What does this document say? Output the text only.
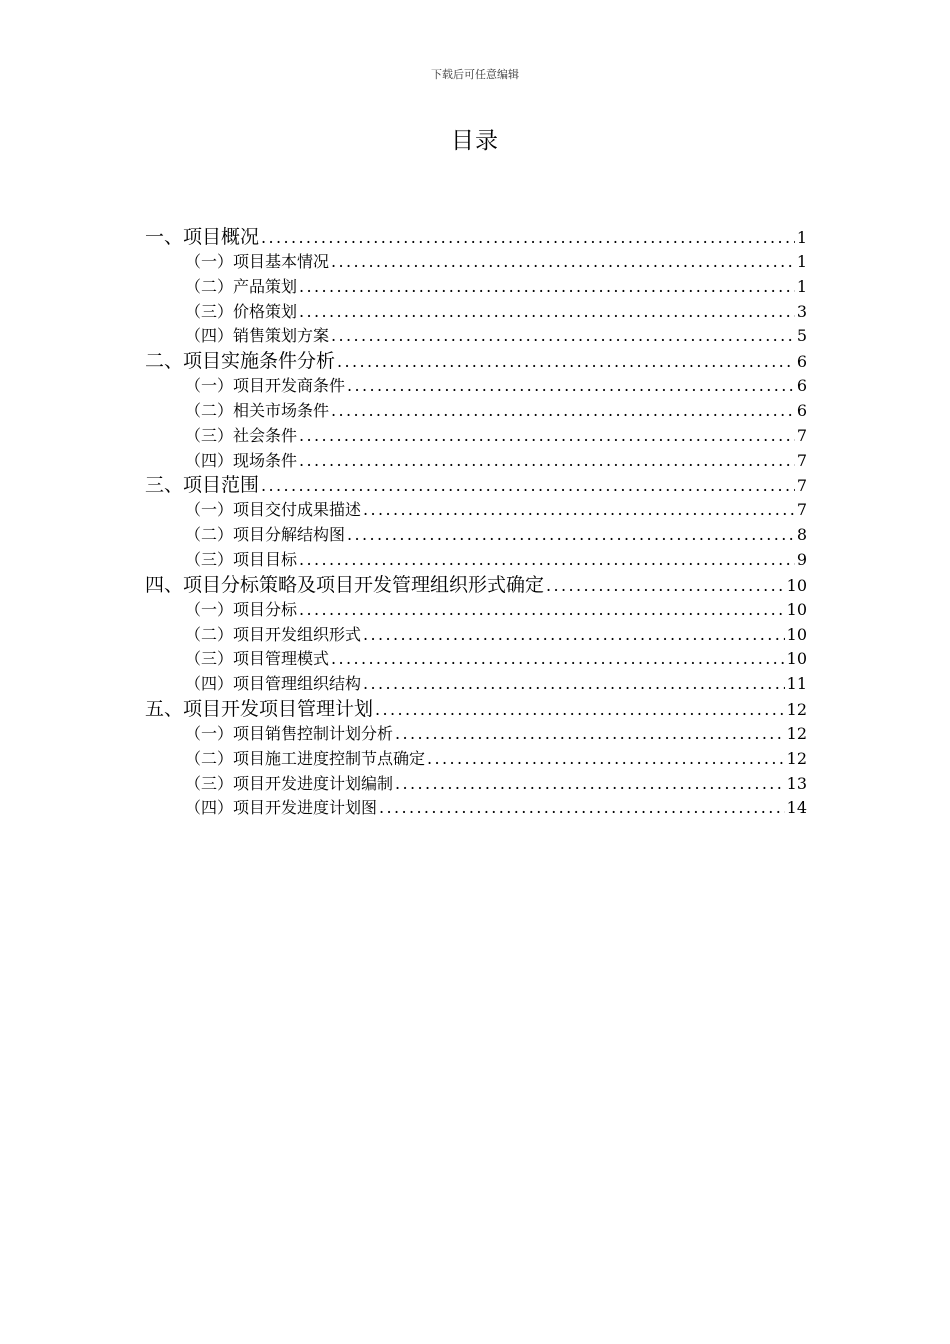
下载后可任意编辑
目录
一、项目概况 .....	1
（一）项目基本情况 .....	1
（二）产品策划 .....	1
（三）价格策划 .....	3
（四）销售策划方案 .....	5
二、项目实施条件分析 .....	6
（一）项目开发商条件 .....	6
（二）相关市场条件 .....	6
（三）社会条件 .....	7
（四）现场条件 .....	7
三、项目范围 .....	7
（一）项目交付成果描述 .....	7
（二）项目分解结构图 .....	8
（三）项目目标 .....	9
四、项目分标策略及项目开发管理组织形式确定 .....	10
（一）项目分标 .....	10
（二）项目开发组织形式 .....	10
（三）项目管理模式 .....	10
（四）项目管理组织结构 .....	11
五、项目开发项目管理计划 .....	12
（一）项目销售控制计划分析 .....	12
（二）项目施工进度控制节点确定 .....	12
（三）项目开发进度计划编制 .....	13
（四）项目开发进度计划图 .....	14
